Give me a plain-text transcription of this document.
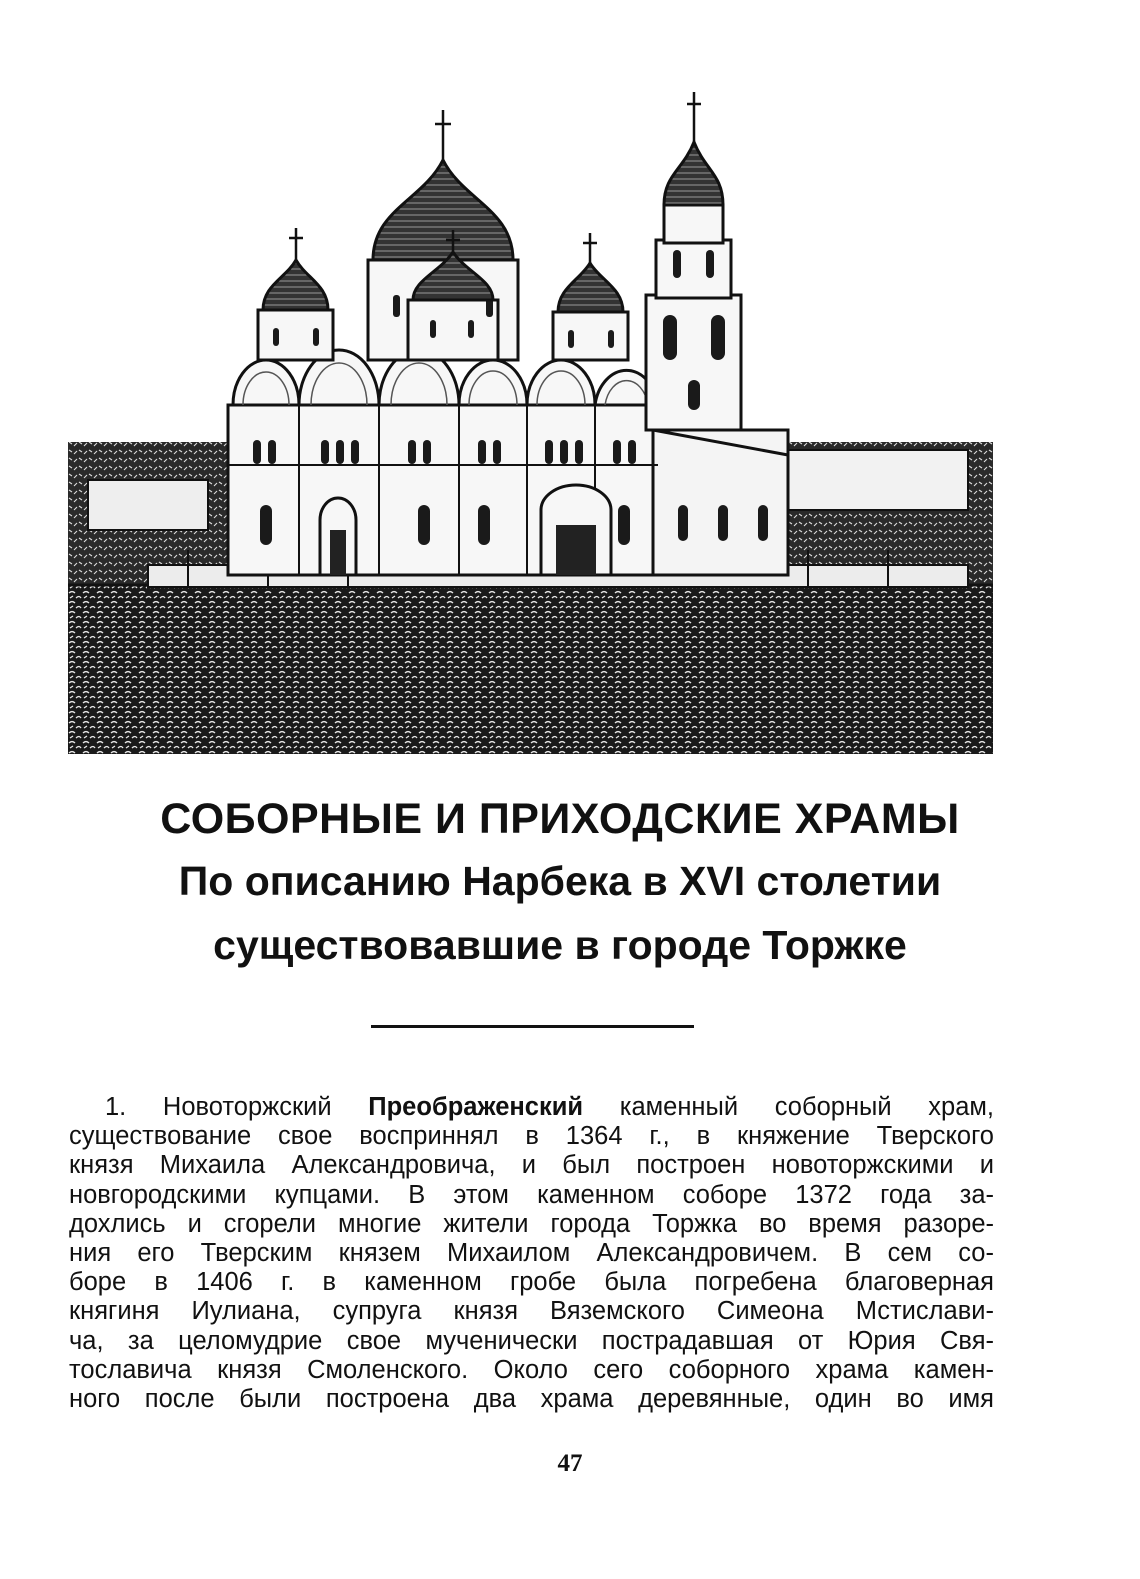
СОБОРНЫЕ И ПРИХОДСКИЕ ХРАМЫ
По описанию Нарбека в XVI столетии
существовавшие в городе Торжке
1. Новоторжский Преображенский каменный соборный храм,
существование свое восприннял в 1364 г., в княжение Тверского
князя Михаила Александровича, и был построен новоторжскими и
новгородскими купцами. В этом каменном соборе 1372 года за-
дохлись и сгорели многие жители города Торжка во время разоре-
ния его Тверским князем Михаилом Александровичем. В сем со-
боре в 1406 г. в каменном гробе была погребена благоверная
княгиня Иулиана, супруга князя Вяземского Симеона Мстислави-
ча, за целомудрие свое мученически пострадавшая от Юрия Свя-
тославича князя Смоленского. Около сего соборного храма камен-
ного после были построена два храма деревянные, один во имя
47
